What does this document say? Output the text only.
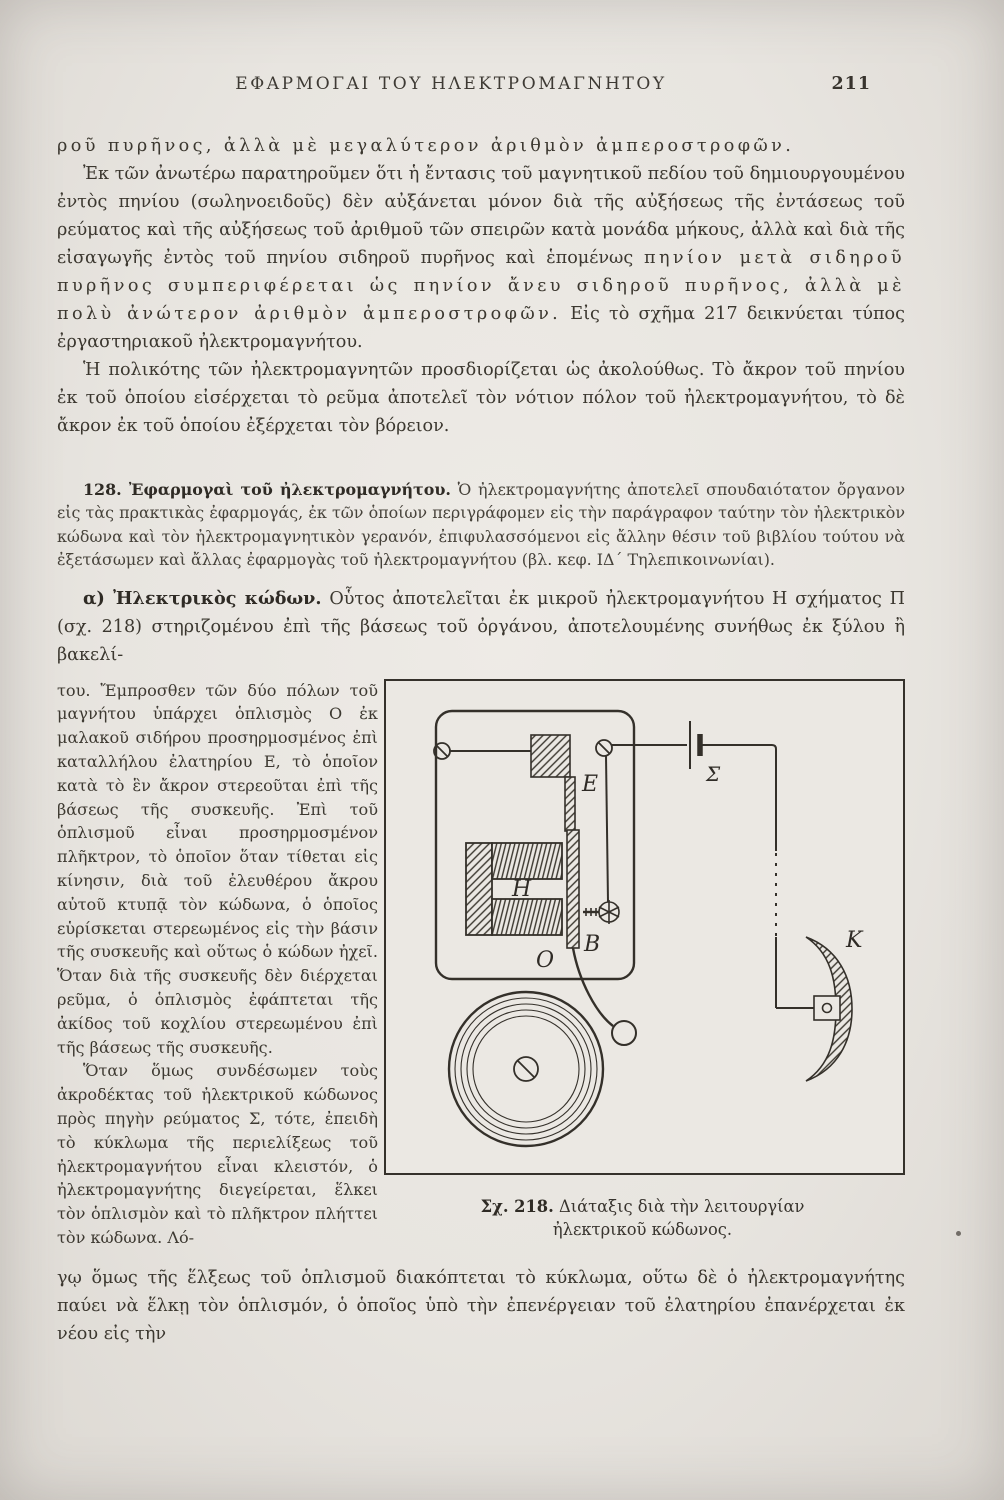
ΕΦΑΡΜΟΓΑΙ ΤΟΥ ΗΛΕΚΤΡΟΜΑΓΝΗΤΟΥ	211

ροῦ πυρῆνος, ἀλλὰ μὲ μεγαλύτερον ἀριθμὸν ἀμπεροστροφῶν.

Ἐκ τῶν ἀνωτέρω παρατηροῦμεν ὅτι ἡ ἔντασις τοῦ μαγνητικοῦ πεδίου τοῦ δημιουργουμένου ἐντὸς πηνίου (σωληνοειδοῦς) δὲν αὐξάνεται μόνον διὰ τῆς αὐξήσεως τῆς ἐντάσεως τοῦ ρεύματος καὶ τῆς αὐξήσεως τοῦ ἀριθμοῦ τῶν σπειρῶν κατὰ μονάδα μήκους, ἀλλὰ καὶ διὰ τῆς εἰσαγωγῆς ἐντὸς τοῦ πηνίου σιδηροῦ πυρῆνος καὶ ἑπομένως πηνίον μετὰ σιδηροῦ πυρῆνος συμπεριφέρεται ὡς πηνίον ἄνευ σιδηροῦ πυρῆνος, ἀλλὰ μὲ πολὺ ἀνώτερον ἀριθμὸν ἀμπεροστροφῶν. Εἰς τὸ σχῆμα 217 δεικνύεται τύπος ἐργαστηριακοῦ ἠλεκτρομαγνήτου.

Ἡ πολικότης τῶν ἠλεκτρομαγνητῶν προσδιορίζεται ὡς ἀκολούθως. Τὸ ἄκρον τοῦ πηνίου ἐκ τοῦ ὁποίου εἰσέρχεται τὸ ρεῦμα ἀποτελεῖ τὸν νότιον πόλον τοῦ ἠλεκτρομαγνήτου, τὸ δὲ ἄκρον ἐκ τοῦ ὁποίου ἐξέρχεται τὸν βόρειον.

128. Ἐφαρμογαὶ τοῦ ἠλεκτρομαγνήτου. Ὁ ἠλεκτρομαγνήτης ἀποτελεῖ σπουδαιότατον ὄργανον εἰς τὰς πρακτικὰς ἐφαρμογάς, ἐκ τῶν ὁποίων περιγράφομεν εἰς τὴν παράγραφον ταύτην τὸν ἠλεκτρικὸν κώδωνα καὶ τὸν ἠλεκτρομαγνητικὸν γερανόν, ἐπιφυλασσόμενοι εἰς ἄλλην θέσιν τοῦ βιβλίου τούτου νὰ ἐξετάσωμεν καὶ ἄλλας ἐφαρμογὰς τοῦ ἠλεκτρομαγνήτου (βλ. κεφ. ΙΔ΄ Τηλεπικοινωνίαι).

α) Ἠλεκτρικὸς κώδων. Οὗτος ἀποτελεῖται ἐκ μικροῦ ἠλεκτρομαγνήτου Η σχήματος Π (σχ. 218) στηριζομένου ἐπὶ τῆς βάσεως τοῦ ὀργάνου, ἀποτελουμένης συνήθως ἐκ ξύλου ἢ βακελί-

του. Ἔμπροσθεν τῶν δύο πόλων τοῦ μαγνήτου ὑπάρχει ὁπλισμὸς Ο ἐκ μαλακοῦ σιδήρου προσηρμοσμένος ἐπὶ καταλλήλου ἐλατηρίου Ε, τὸ ὁποῖον κατὰ τὸ ἓν ἄκρον στερεοῦται ἐπὶ τῆς βάσεως τῆς συσκευῆς. Ἐπὶ τοῦ ὁπλισμοῦ εἶναι προσηρμοσμένον πλῆκτρον, τὸ ὁποῖον ὅταν τίθεται εἰς κίνησιν, διὰ τοῦ ἐλευθέρου ἄκρου αὐτοῦ κτυπᾷ τὸν κώδωνα, ὁ ὁποῖος εὑρίσκεται στερεωμένος εἰς τὴν βάσιν τῆς συσκευῆς καὶ οὕτως ὁ κώδων ἠχεῖ. Ὅταν διὰ τῆς συσκευῆς δὲν διέρχεται ρεῦμα, ὁ ὁπλισμὸς ἐφάπτεται τῆς ἀκίδος τοῦ κοχλίου στερεωμένου ἐπὶ τῆς βάσεως τῆς συσκευῆς.

Ὅταν ὅμως συνδέσωμεν τοὺς ἀκροδέκτας τοῦ ἠλεκτρικοῦ κώδωνος πρὸς πηγὴν ρεύματος Σ, τότε, ἐπειδὴ τὸ κύκλωμα τῆς περιελίξεως τοῦ ἠλεκτρομαγνήτου εἶναι κλειστόν, ὁ ἠλεκτρομαγνήτης διεγείρεται, ἕλκει τὸν ὁπλισμὸν καὶ τὸ πλῆκτρον πλήττει τὸν κώδωνα. Λό-

E	Σ
H
B
O
K
Σχ. 218. Διάταξις διὰ τὴν λειτουργίαν ἠλεκτρικοῦ κώδωνος.

γῳ ὅμως τῆς ἕλξεως τοῦ ὁπλισμοῦ διακόπτεται τὸ κύκλωμα, οὕτω δὲ ὁ ἠλεκτρομαγνήτης παύει νὰ ἕλκῃ τὸν ὁπλισμόν, ὁ ὁποῖος ὑπὸ τὴν ἐπενέργειαν τοῦ ἐλατηρίου ἐπανέρχεται ἐκ νέου εἰς τὴν
